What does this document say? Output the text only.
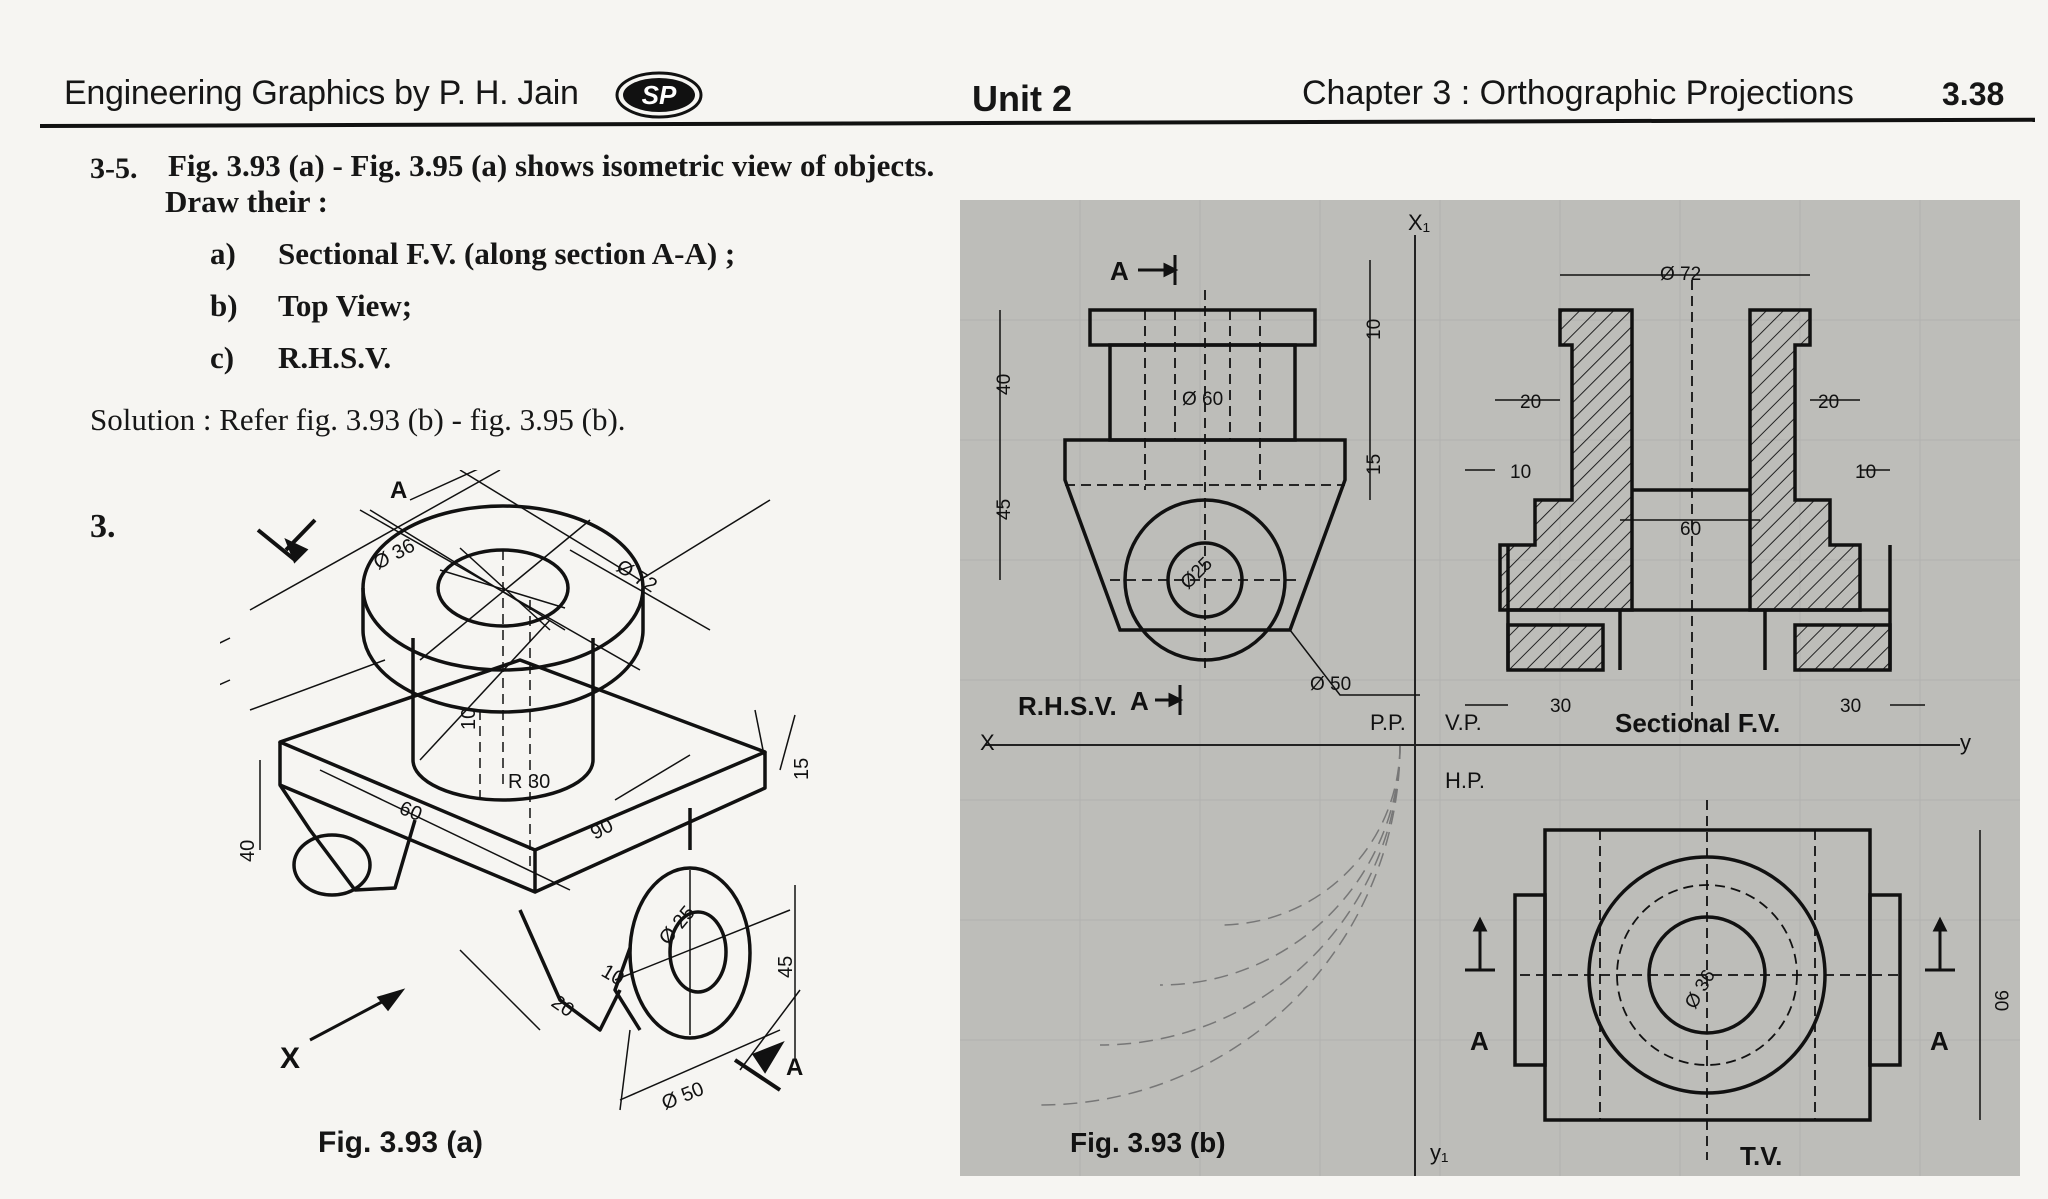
Engineering Graphics by P. H. Jain SP	Unit 2	Chapter 3 : Orthographic Projections	3.38
3-5. Fig. 3.93 (a) - Fig. 3.95 (a) shows isometric view of objects.
Draw their :
a) Sectional F.V. (along section A-A) ;
b) Top View;
c) R.H.S.V.
Solution : Refer fig. 3.93 (b) - fig. 3.95 (b).
3.
A
A
X
Ø 36
Ø 72
10
R 30
90
60
40
15
Ø 25
10	45
20
Ø 50
Fig. 3.93 (a)
X₁
y₁
X	y
P.P. V.P.
H.P.
R.H.S.V.
Sectional F.V.
T.V.
A
A
A	A
40
45
10
15
Ø 60
Ø25
Ø 50
Ø 72
20	20
10	10
60
30	30
Ø 36	90
Fig. 3.93 (b)
